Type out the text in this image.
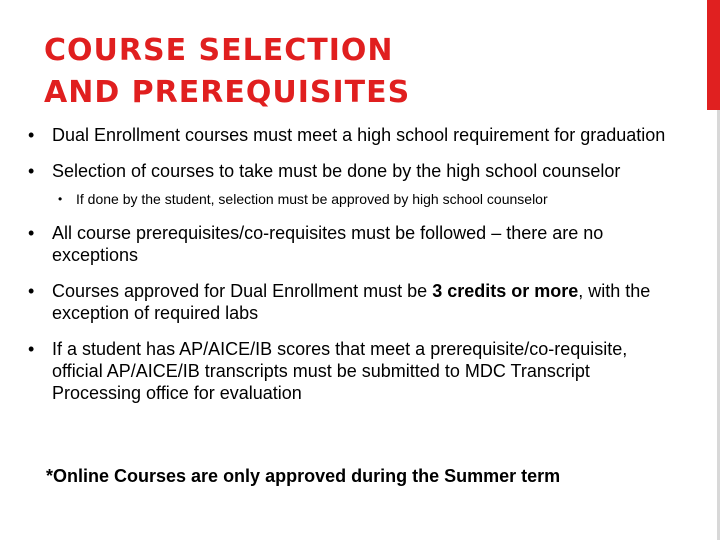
COURSE SELECTION
AND PREREQUISITES
• Dual Enrollment courses must meet a high school requirement for graduation
• Selection of courses to take must be done by the high school counselor
• If done by the student, selection must be approved by high school counselor
• All course prerequisites/co-requisites must be followed – there are no exceptions
• Courses approved for Dual Enrollment must be 3 credits or more, with the exception of required labs
• If a student has AP/AICE/IB scores that meet a prerequisite/co-requisite, official AP/AICE/IB transcripts must be submitted to MDC Transcript Processing office for evaluation
*Online Courses are only approved during the Summer term
